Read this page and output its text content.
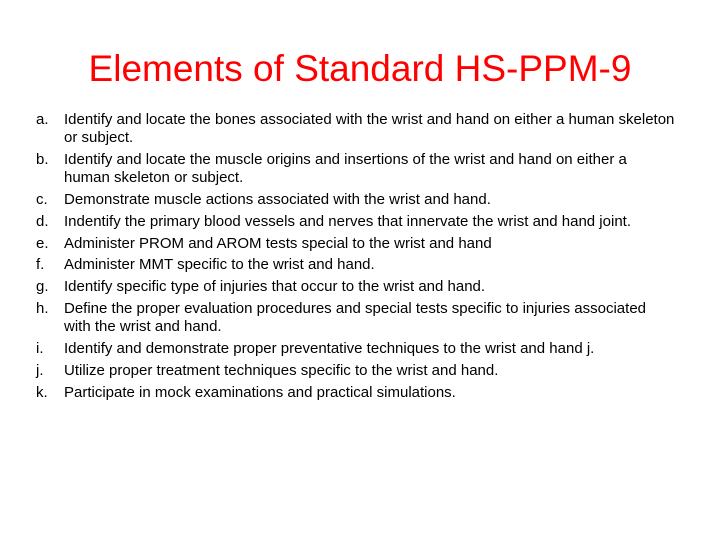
Elements of Standard HS-PPM-9
a.	Identify and locate the bones associated with the wrist and hand on either a human skeleton or subject.
b.	Identify and locate the muscle origins and insertions of the wrist and hand on either a human skeleton or subject.
c.	Demonstrate muscle actions associated with the wrist and hand.
d.	Indentify the primary blood vessels and nerves that innervate the wrist and hand joint.
e.	Administer PROM and AROM tests special to the wrist and hand
f.	Administer MMT specific to the wrist and hand.
g.	Identify specific type of injuries that occur to the wrist and hand.
h.	Define the proper evaluation procedures and special tests specific to injuries associated with the wrist and hand.
i.	Identify and demonstrate proper preventative techniques to the wrist and hand j.
j.	Utilize proper treatment techniques specific to the wrist and hand.
k.	Participate in mock examinations and practical simulations.
